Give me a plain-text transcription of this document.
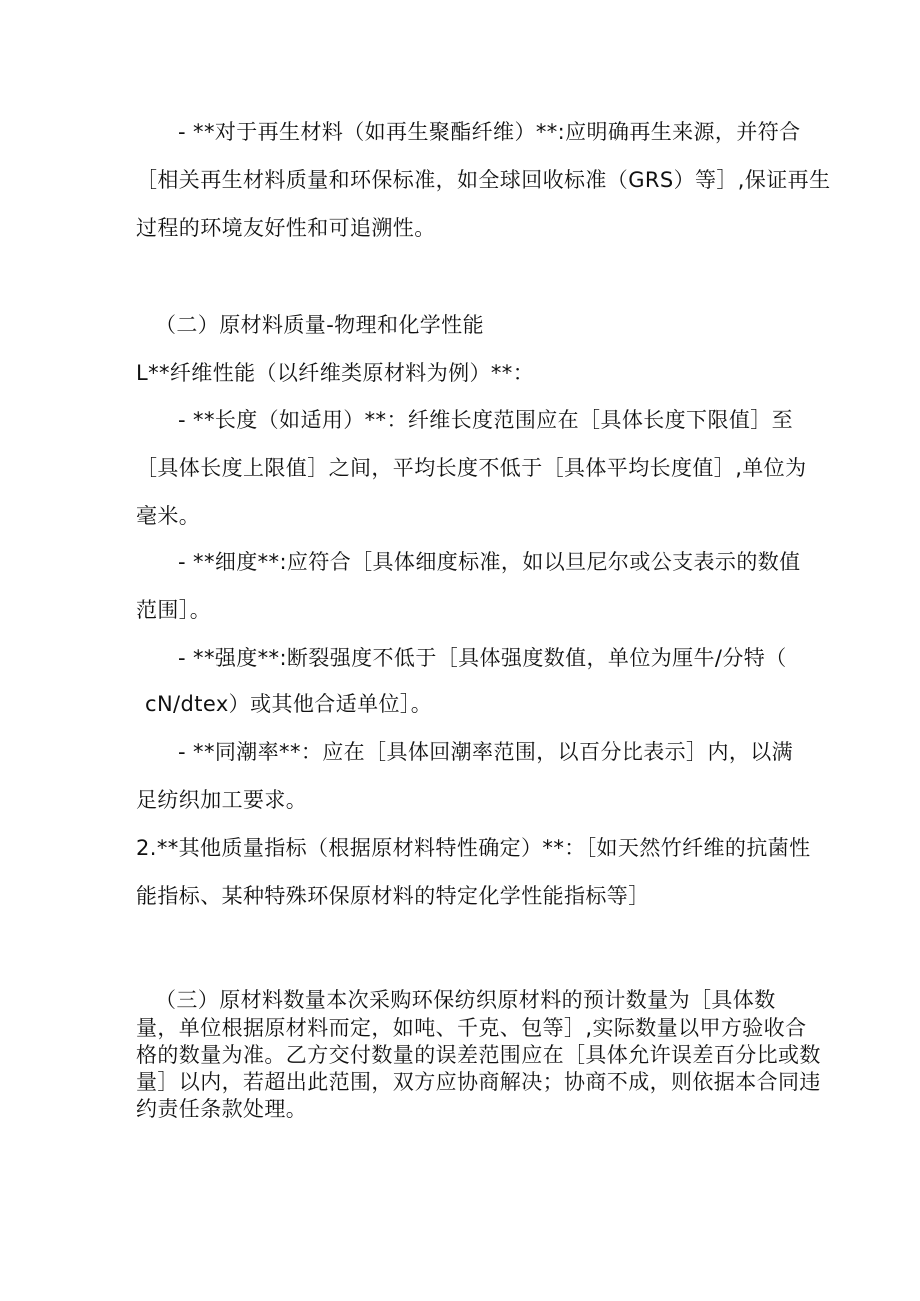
- **对于再生材料（如再生聚酯纤维）**:应明确再生来源，并符合
［相关再生材料质量和环保标准，如全球回收标准（GRS）等］,保证再生
过程的环境友好性和可追溯性。
（二）原材料质量-物理和化学性能
L**纤维性能（以纤维类原材料为例）**：
- **长度（如适用）**：纤维长度范围应在［具体长度下限值］至
［具体长度上限值］之间，平均长度不低于［具体平均长度值］,单位为
毫米。
- **细度**:应符合［具体细度标准，如以旦尼尔或公支表示的数值
范围］。
- **强度**:断裂强度不低于［具体强度数值，单位为厘牛/分特（
cN/dtex）或其他合适单位］。
- **同潮率**：应在［具体回潮率范围，以百分比表示］内，以满
足纺织加工要求。
2.**其他质量指标（根据原材料特性确定）**：［如天然竹纤维的抗菌性
能指标、某种特殊环保原材料的特定化学性能指标等］
（三）原材料数量本次采购环保纺织原材料的预计数量为［具体数
量，单位根据原材料而定，如吨、千克、包等］,实际数量以甲方验收合
格的数量为准。乙方交付数量的误差范围应在［具体允许误差百分比或数
量］以内，若超出此范围，双方应协商解决；协商不成，则依据本合同违
约责任条款处理。
